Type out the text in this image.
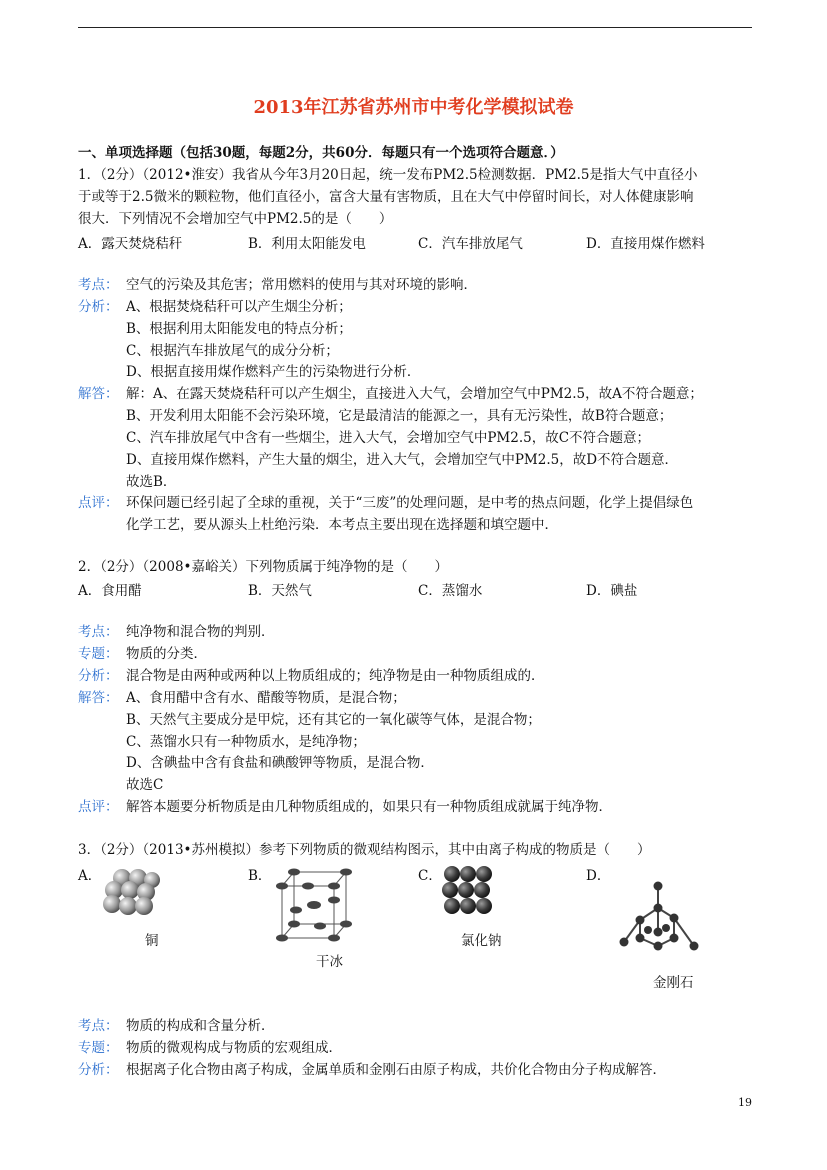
2013年江苏省苏州市中考化学模拟试卷
一、单项选择题（包括30题，每题2分，共60分．每题只有一个选项符合题意．）
1．（2分）（2012•淮安）我省从今年3月20日起，统一发布PM2.5检测数据．PM2.5是指大气中直径小
于或等于2.5微米的颗粒物，他们直径小，富含大量有害物质，且在大气中停留时间长，对人体健康影响
很大．下列情况不会增加空气中PM2.5的是（　　）
A．露天焚烧秸秆	B．利用太阳能发电	C．汽车排放尾气	D．直接用煤作燃料
考点： 空气的污染及其危害；常用燃料的使用与其对环境的影响．
分析： A、根据焚烧秸秆可以产生烟尘分析；
B、根据利用太阳能发电的特点分析；
C、根据汽车排放尾气的成分分析；
D、根据直接用煤作燃料产生的污染物进行分析．
解答： 解：A、在露天焚烧秸秆可以产生烟尘，直接进入大气，会增加空气中PM2.5，故A不符合题意；
B、开发利用太阳能不会污染环境，它是最清洁的能源之一，具有无污染性，故B符合题意；
C、汽车排放尾气中含有一些烟尘，进入大气，会增加空气中PM2.5，故C不符合题意；
D、直接用煤作燃料，产生大量的烟尘，进入大气，会增加空气中PM2.5，故D不符合题意．
故选B．
点评： 环保问题已经引起了全球的重视，关于“三废”的处理问题，是中考的热点问题，化学上提倡绿色
化学工艺，要从源头上杜绝污染．本考点主要出现在选择题和填空题中．
2．（2分）（2008•嘉峪关）下列物质属于纯净物的是（　　）
A．食用醋	B．天然气	C．蒸馏水	D．碘盐
考点： 纯净物和混合物的判别．
专题： 物质的分类．
分析： 混合物是由两种或两种以上物质组成的；纯净物是由一种物质组成的．
解答： A、食用醋中含有水、醋酸等物质，是混合物；
B、天然气主要成分是甲烷，还有其它的一氧化碳等气体，是混合物；
C、蒸馏水只有一种物质水，是纯净物；
D、含碘盐中含有食盐和碘酸钾等物质，是混合物．
故选C
点评： 解答本题要分析物质是由几种物质组成的，如果只有一种物质组成就属于纯净物．
3．（2分）（2013•苏州模拟）参考下列物质的微观结构图示，其中由离子构成的物质是（　　）
A．	B．	C．	D．
铜
干冰
氯化钠
金刚石
考点： 物质的构成和含量分析．
专题： 物质的微观构成与物质的宏观组成．
分析： 根据离子化合物由离子构成，金属单质和金刚石由原子构成，共价化合物由分子构成解答．
19
